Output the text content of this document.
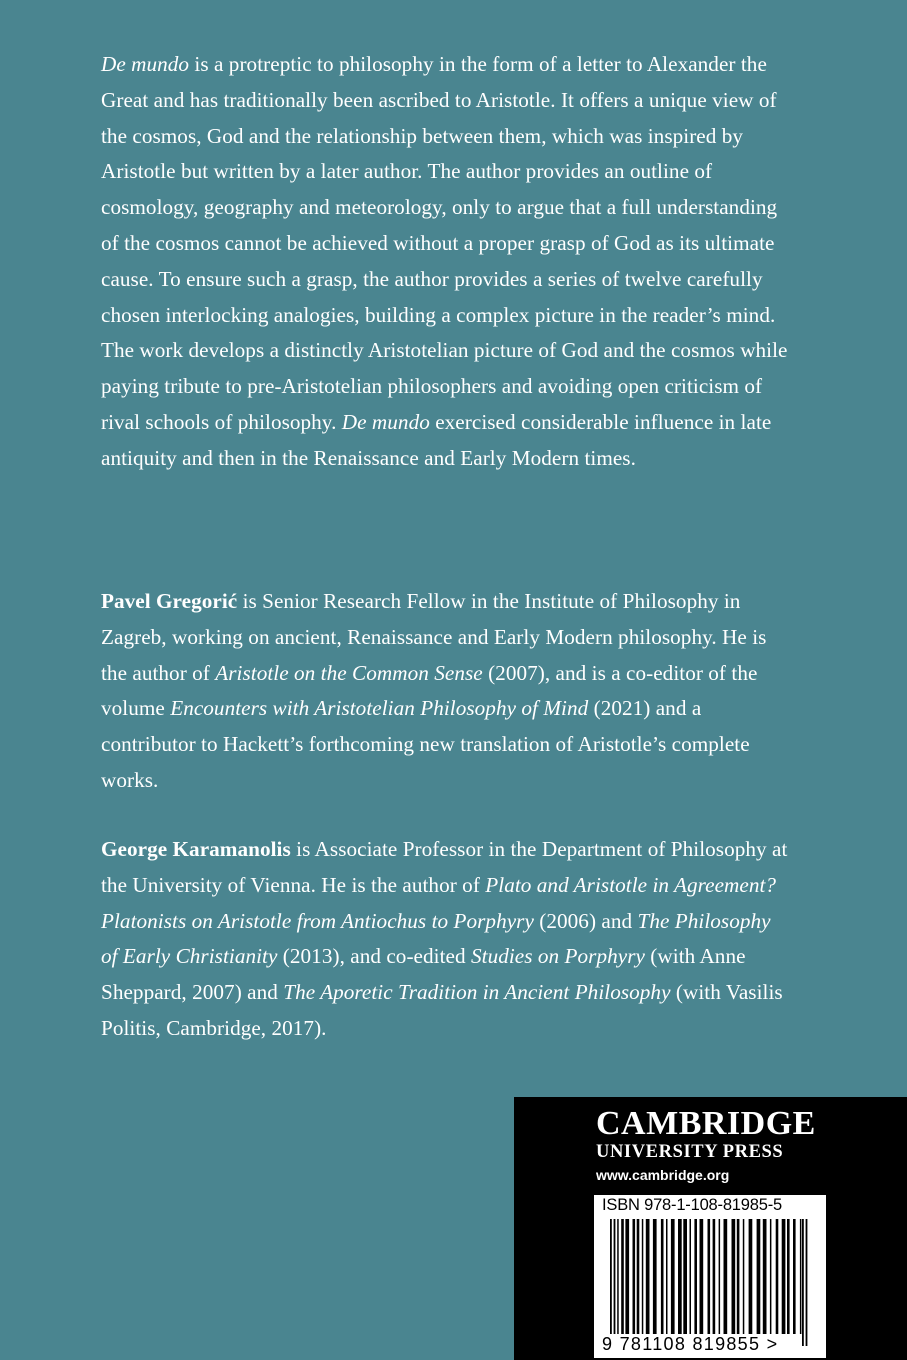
De mundo is a protreptic to philosophy in the form of a letter to Alexander the Great and has traditionally been ascribed to Aristotle. It offers a unique view of the cosmos, God and the relationship between them, which was inspired by Aristotle but written by a later author. The author provides an outline of cosmology, geography and meteorology, only to argue that a full understanding of the cosmos cannot be achieved without a proper grasp of God as its ultimate cause. To ensure such a grasp, the author provides a series of twelve carefully chosen interlocking analogies, building a complex picture in the reader’s mind. The work develops a distinctly Aristotelian picture of God and the cosmos while paying tribute to pre-Aristotelian philosophers and avoiding open criticism of rival schools of philosophy. De mundo exercised considerable influence in late antiquity and then in the Renaissance and Early Modern times.

Pavel Gregorić is Senior Research Fellow in the Institute of Philosophy in Zagreb, working on ancient, Renaissance and Early Modern philosophy. He is the author of Aristotle on the Common Sense (2007), and is a co-editor of the volume Encounters with Aristotelian Philosophy of Mind (2021) and a contributor to Hackett’s forthcoming new translation of Aristotle’s complete works.

George Karamanolis is Associate Professor in the Department of Philosophy at the University of Vienna. He is the author of Plato and Aristotle in Agreement? Platonists on Aristotle from Antiochus to Porphyry (2006) and The Philosophy of Early Christianity (2013), and co-edited Studies on Porphyry (with Anne Sheppard, 2007) and The Aporetic Tradition in Ancient Philosophy (with Vasilis Politis, Cambridge, 2017).

CAMBRIDGE
UNIVERSITY PRESS
www.cambridge.org
ISBN 978-1-108-81985-5
9 781108 819855 >
